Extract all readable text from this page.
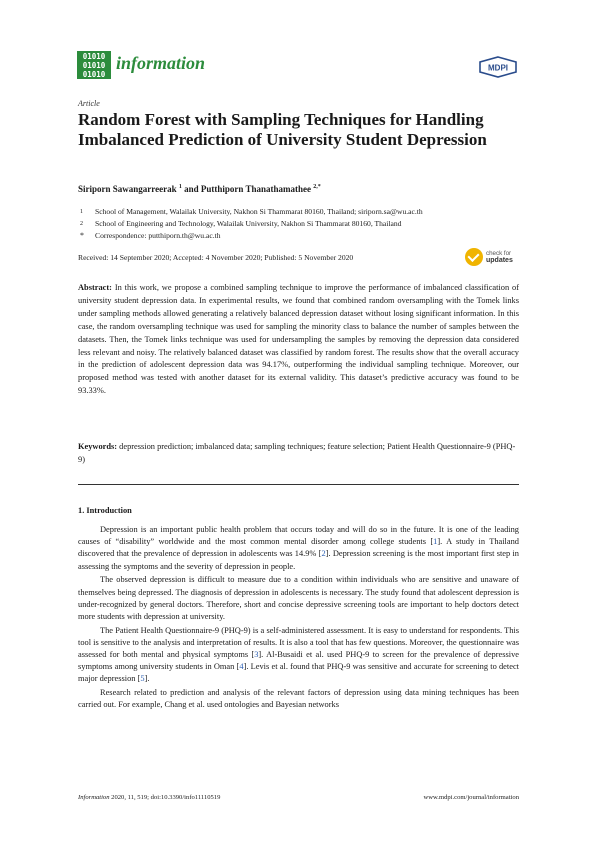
01010
01010
01010
information	MDPI
Article
Random Forest with Sampling Techniques for Handling Imbalanced Prediction of University Student Depression
Siriporn Sawangarreerak $^1$ and Putthiporn Thanathamathee $^{2,*}$
1	School of Management, Walailak University, Nakhon Si Thammarat 80160, Thailand; siriporn.sa@wu.ac.th
2	School of Engineering and Technology, Walailak University, Nakhon Si Thammarat 80160, Thailand
*	Correspondence: putthiporn.th@wu.ac.th
Received: 14 September 2020; Accepted: 4 November 2020; Published: 5 November 2020	check for
updates
Abstract: In this work, we propose a combined sampling technique to improve the performance of imbalanced classification of university student depression data. In experimental results, we found that combined random oversampling with the Tomek links under sampling methods allowed generating a relatively balanced depression dataset without losing significant information. In this case, the random oversampling technique was used for sampling the minority class to balance the number of samples between the datasets. Then, the Tomek links technique was used for undersampling the samples by removing the depression data considered less relevant and noisy. The relatively balanced dataset was classified by random forest. The results show that the overall accuracy in the prediction of adolescent depression data was 94.17%, outperforming the individual sampling technique. Moreover, our proposed method was tested with another dataset for its external validity. This dataset’s predictive accuracy was found to be 93.33%.
Keywords: depression prediction; imbalanced data; sampling techniques; feature selection; Patient Health Questionnaire-9 (PHQ-9)
1. Introduction

Depression is an important public health problem that occurs today and will do so in the future. It is one of the leading causes of “disability” worldwide and the most common mental disorder among college students [1]. A study in Thailand discovered that the prevalence of depression in adolescents was 14.9% [2]. Depression screening is the most important first step in assessing the symptoms and the severity of depression in people.

The observed depression is difficult to measure due to a condition within individuals who are sensitive and unaware of themselves being depressed. The diagnosis of depression in adolescents is necessary. The study found that adolescent depression is under-recognized by general doctors. Therefore, short and concise depressive screening tools are important to help doctors detect more students with depression at university.

The Patient Health Questionnaire-9 (PHQ-9) is a self-administered assessment. It is easy to understand for respondents. This tool is sensitive to the analysis and interpretation of results. It is also a tool that has few questions. Moreover, the questionnaire was assessed for both mental and physical symptoms [3]. Al-Busaidi et al. used PHQ-9 to screen for the prevalence of depressive symptoms among university students in Oman [4]. Levis et al. found that PHQ-9 was sensitive and accurate for screening to detect major depression [5].

Research related to prediction and analysis of the relevant factors of depression using data mining techniques has been carried out. For example, Chang et al. used ontologies and Bayesian networks

Information 2020, 11, 519; doi:10.3390/info11110519	www.mdpi.com/journal/information
